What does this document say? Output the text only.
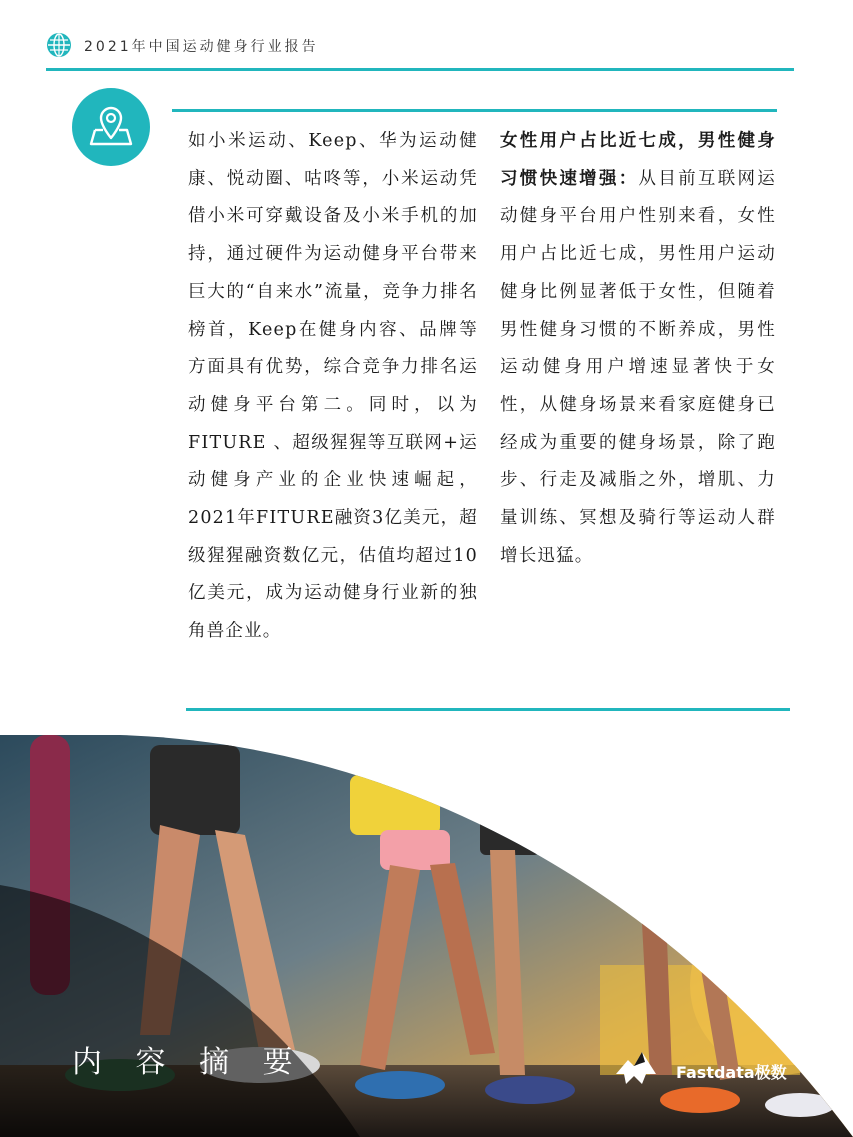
2021年中国运动健身行业报告
如小米运动、Keep、华为运动健康、悦动圈、咕咚等，小米运动凭借小米可穿戴设备及小米手机的加持，通过硬件为运动健身平台带来巨大的“自来水”流量，竞争力排名榜首，Keep在健身内容、品牌等方面具有优势，综合竞争力排名运动健身平台第二。同时，以为FITURE 、超级猩猩等互联网+运动健身产业的企业快速崛起，2021年FITURE融资3亿美元，超级猩猩融资数亿元，估值均超过10亿美元，成为运动健身行业新的独角兽企业。
女性用户占比近七成，男性健身习惯快速增强：从目前互联网运动健身平台用户性别来看，女性用户占比近七成，男性用户运动健身比例显著低于女性，但随着男性健身习惯的不断养成，男性运动健身用户增速显著快于女性，从健身场景来看家庭健身已经成为重要的健身场景，除了跑步、行走及减脂之外，增肌、力量训练、冥想及骑行等运动人群增长迅猛。
内 容 摘 要	Fastdata极数
